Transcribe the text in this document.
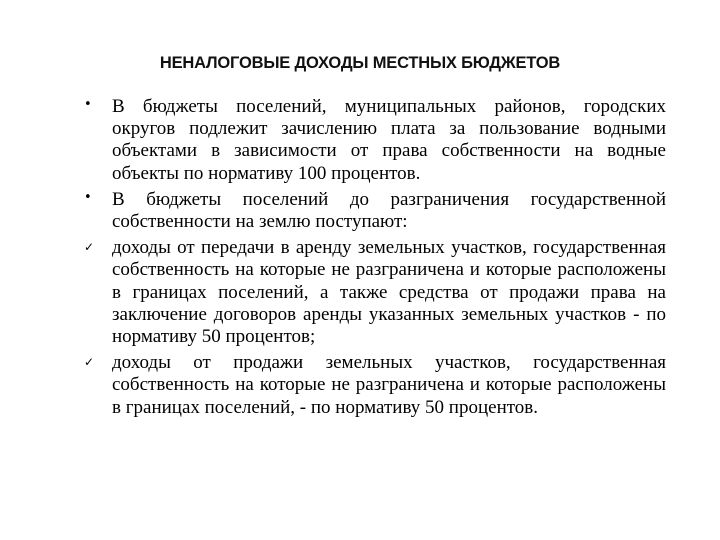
НЕНАЛОГОВЫЕ ДОХОДЫ МЕСТНЫХ БЮДЖЕТОВ
•	В бюджеты поселений, муниципальных районов, городских округов подлежит зачислению плата за пользование водными объектами в зависимости от права собственности на водные объекты по нормативу 100 процентов.
•	В бюджеты поселений до разграничения государственной собственности на землю поступают:
✓ доходы от передачи в аренду земельных участков, государственная собственность на которые не разграничена и которые расположены в границах поселений, а также средства от продажи права на заключение договоров аренды указанных земельных участков - по нормативу 50 процентов;
✓ доходы от продажи земельных участков, государственная собственность на которые не разграничена и которые расположены в границах поселений, - по нормативу 50 процентов.
